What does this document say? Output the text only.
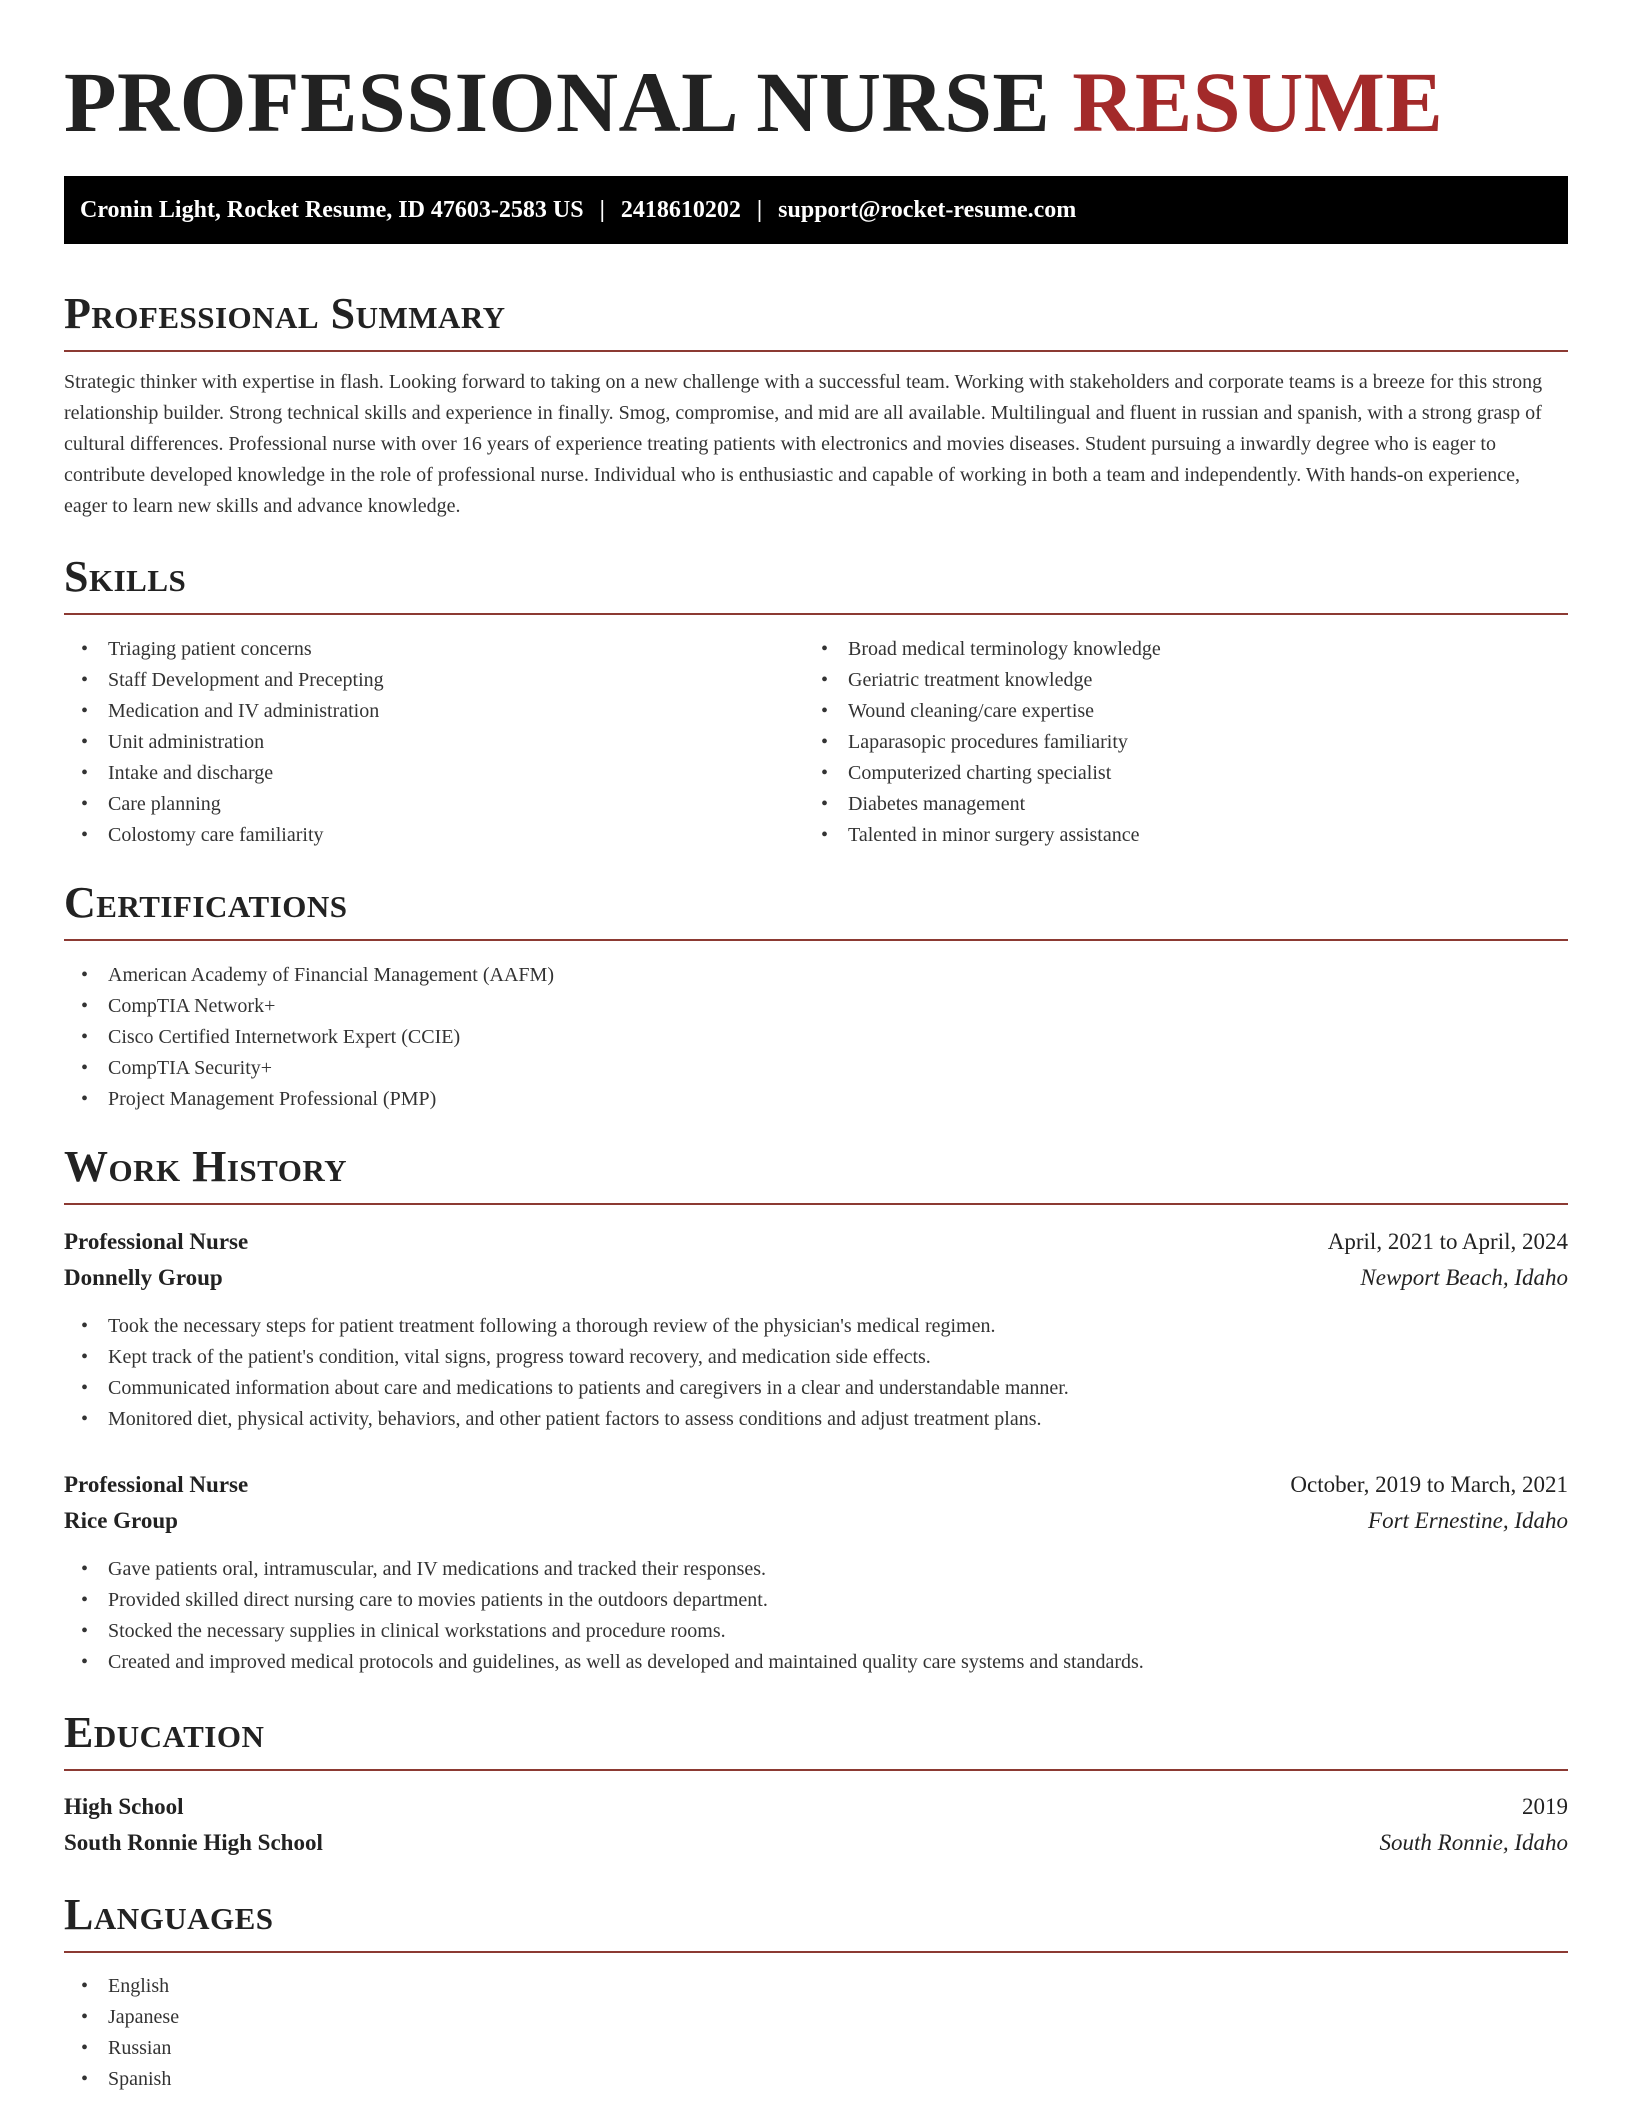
PROFESSIONAL NURSE RESUME
Cronin Light, Rocket Resume, ID 47603-2583 US | 2418610202 | support@rocket-resume.com
Professional Summary

Strategic thinker with expertise in flash. Looking forward to taking on a new challenge with a successful team. Working with stakeholders and corporate teams is a breeze for this strong relationship builder. Strong technical skills and experience in finally. Smog, compromise, and mid are all available. Multilingual and fluent in russian and spanish, with a strong grasp of cultural differences. Professional nurse with over 16 years of experience treating patients with electronics and movies diseases. Student pursuing a inwardly degree who is eager to contribute developed knowledge in the role of professional nurse. Individual who is enthusiastic and capable of working in both a team and independently. With hands-on experience, eager to learn new skills and advance knowledge.

Skills
• Triaging patient concerns
• Staff Development and Precepting
• Medication and IV administration
• Unit administration
• Intake and discharge
• Care planning
• Colostomy care familiarity
• Broad medical terminology knowledge
• Geriatric treatment knowledge
• Wound cleaning/care expertise
• Laparasopic procedures familiarity
• Computerized charting specialist
• Diabetes management
• Talented in minor surgery assistance
Certifications
• American Academy of Financial Management (AAFM)
• CompTIA Network+
• Cisco Certified Internetwork Expert (CCIE)
• CompTIA Security+
• Project Management Professional (PMP)
Work History
Professional Nurse	April, 2021 to April, 2024
Donnelly Group	Newport Beach, Idaho
• Took the necessary steps for patient treatment following a thorough review of the physician's medical regimen.
• Kept track of the patient's condition, vital signs, progress toward recovery, and medication side effects.
• Communicated information about care and medications to patients and caregivers in a clear and understandable manner.
• Monitored diet, physical activity, behaviors, and other patient factors to assess conditions and adjust treatment plans.
Professional Nurse	October, 2019 to March, 2021
Rice Group	Fort Ernestine, Idaho
• Gave patients oral, intramuscular, and IV medications and tracked their responses.
• Provided skilled direct nursing care to movies patients in the outdoors department.
• Stocked the necessary supplies in clinical workstations and procedure rooms.
• Created and improved medical protocols and guidelines, as well as developed and maintained quality care systems and standards.
Education
High School	2019
South Ronnie High School	South Ronnie, Idaho
Languages
• English
• Japanese
• Russian
• Spanish
